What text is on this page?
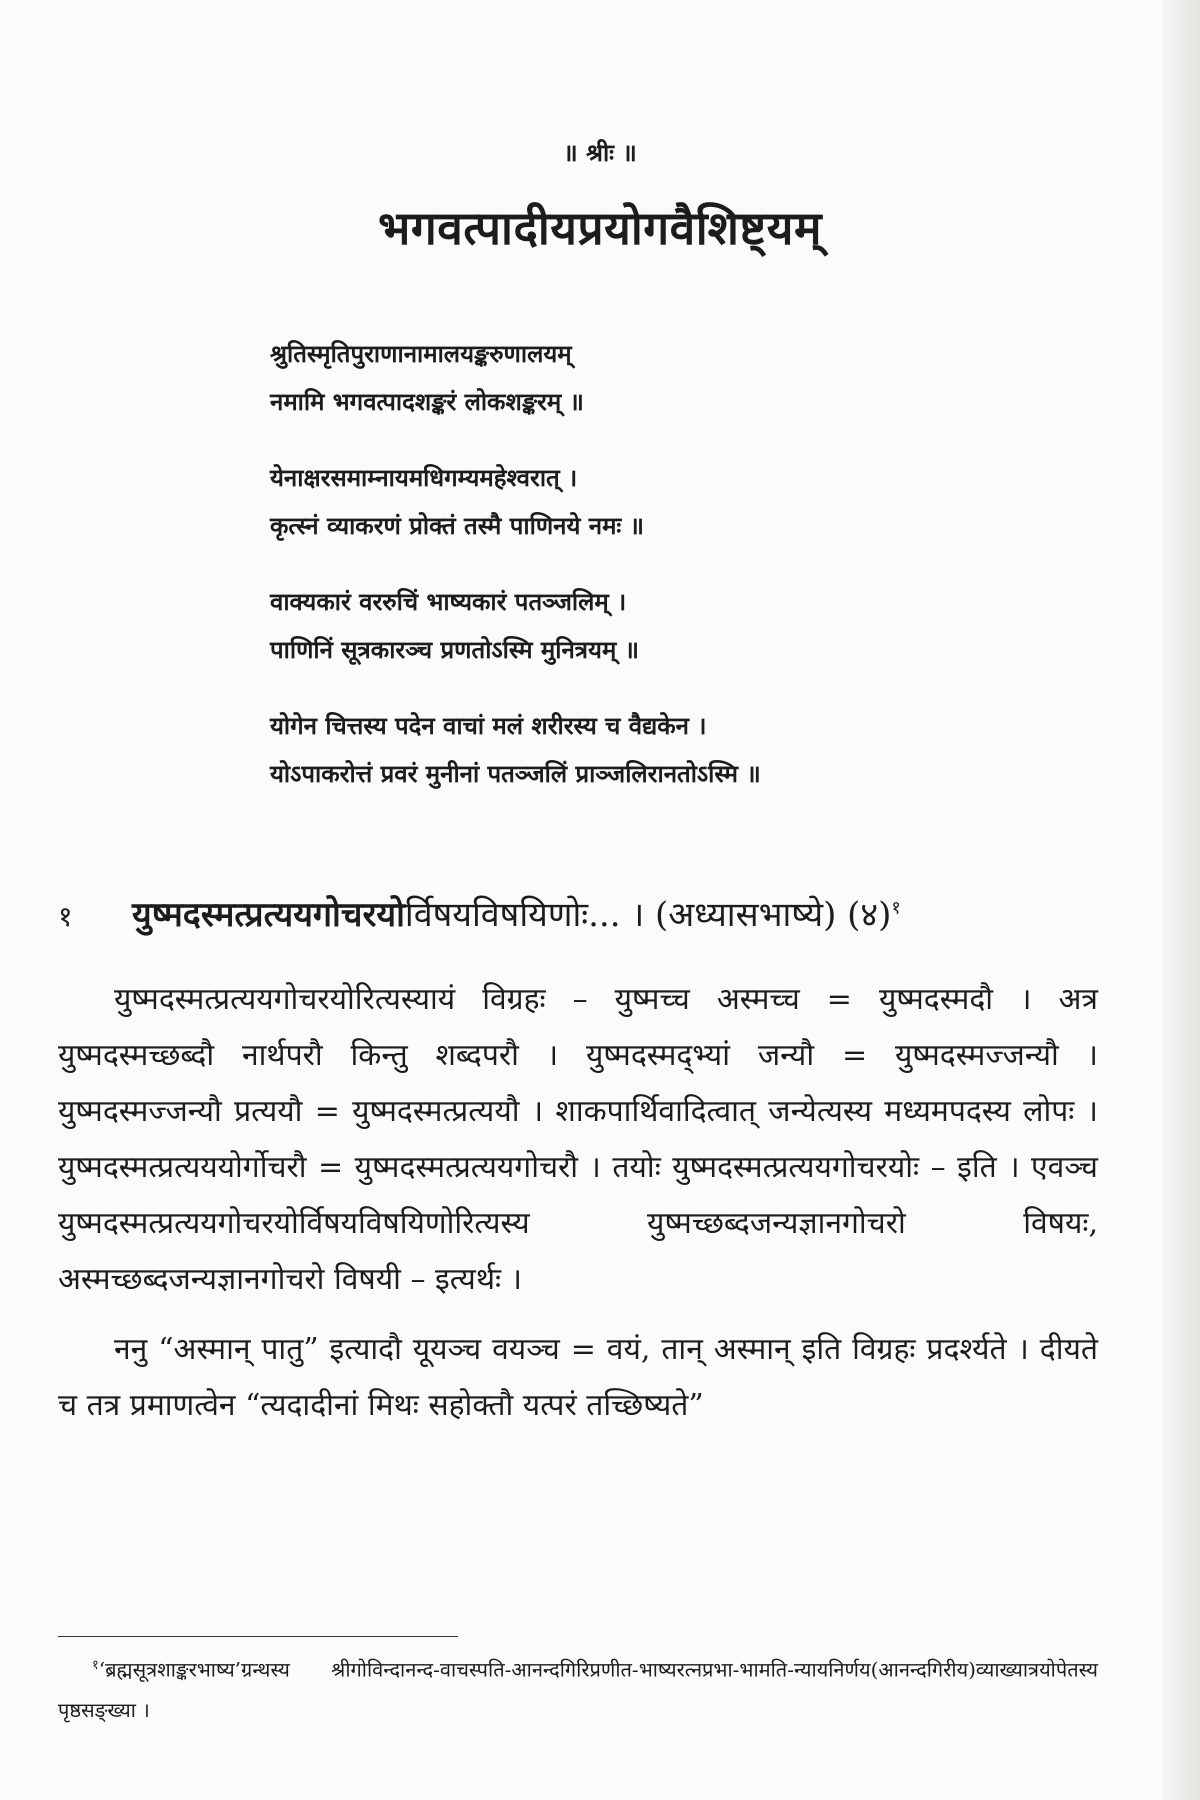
॥ श्रीः ॥
भगवत्पादीयप्रयोगवैशिष्ट्यम्
श्रुतिस्मृतिपुराणानामालयङ्करुणालयम्
नमामि भगवत्पादशङ्करं लोकशङ्करम् ॥
येनाक्षरसमाम्नायमधिगम्यमहेश्वरात् ।
कृत्स्नं व्याकरणं प्रोक्तं तस्मै पाणिनये नमः ॥
वाक्यकारं वररुचिं भाष्यकारं पतञ्जलिम् ।
पाणिनिं सूत्रकारञ्च प्रणतोऽस्मि मुनित्रयम् ॥
योगेन चित्तस्य पदेन वाचां मलं शरीरस्य च वैद्यकेन ।
योऽपाकरोत्तं प्रवरं मुनीनां पतञ्जलिं प्राञ्जलिरानतोऽस्मि ॥
१ युष्मदस्मत्प्रत्ययगोचरयोर्विषयविषयिणोः... । (अध्यासभाष्ये) (४)$^१$

युष्मदस्मत्प्रत्ययगोचरयोरित्यस्यायं विग्रहः – युष्मच्च अस्मच्च = युष्मदस्मदौ । अत्र युष्मदस्मच्छब्दौ नार्थपरौ किन्तु शब्दपरौ । युष्मदस्मद्भ्यां जन्यौ = युष्मदस्मज्जन्यौ । युष्मदस्मज्जन्यौ प्रत्ययौ = युष्मदस्मत्प्रत्ययौ । शाकपार्थिवादित्वात् जन्येत्यस्य मध्यमपदस्य लोपः । युष्मदस्मत्प्रत्यययोर्गोचरौ = युष्मदस्मत्प्रत्ययगोचरौ । तयोः युष्मदस्मत्प्रत्ययगोचरयोः – इति । एवञ्च युष्मदस्मत्प्रत्ययगोचरयोर्विषयविषयिणोरित्यस्य युष्मच्छब्दजन्यज्ञानगोचरो विषयः, अस्मच्छब्दजन्यज्ञानगोचरो विषयी – इत्यर्थः ।

ननु “अस्मान् पातु” इत्यादौ यूयञ्च वयञ्च = वयं, तान् अस्मान् इति विग्रहः प्रदर्श्यते । दीयते च तत्र प्रमाणत्वेन “त्यदादीनां मिथः सहोक्तौ यत्परं तच्छिष्यते”

$^१$‘ब्रह्मसूत्रशाङ्करभाष्य’ग्रन्थस्य श्रीगोविन्दानन्द-वाचस्पति-आनन्दगिरिप्रणीत-भाष्यरत्नप्रभा-भामति-न्यायनिर्णय(आनन्दगिरीय)व्याख्यात्रयोपेतस्य पृष्ठसङ्ख्या ।
